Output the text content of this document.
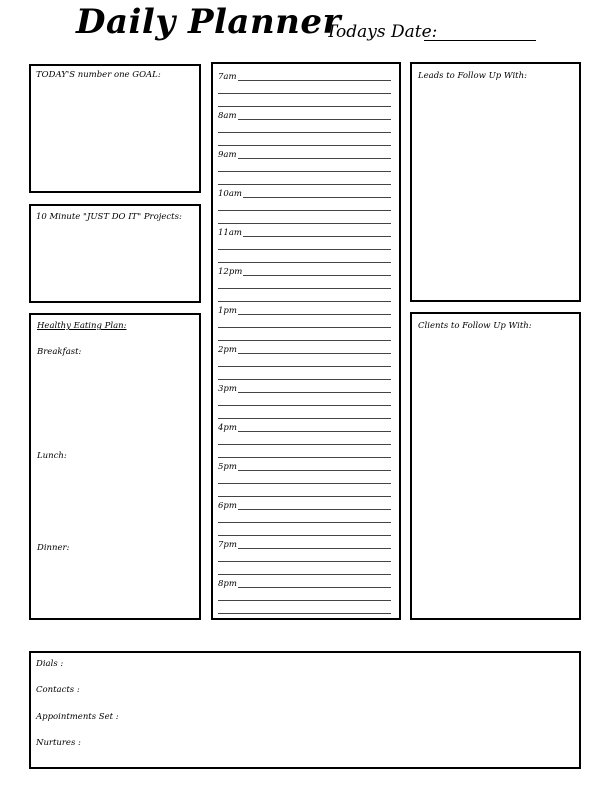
Daily Planner
Todays Date:
TODAY'S number one GOAL:
10 Minute "JUST DO IT" Projects:
Healthy Eating Plan:
Breakfast:
Lunch:
Dinner:
7am
8am
9am
10am
11am
12pm
1pm
2pm
3pm
4pm
5pm
6pm
7pm
8pm
Leads to Follow Up With:
Clients to Follow Up With:
Dials :
Contacts :
Appointments Set :
Nurtures :
